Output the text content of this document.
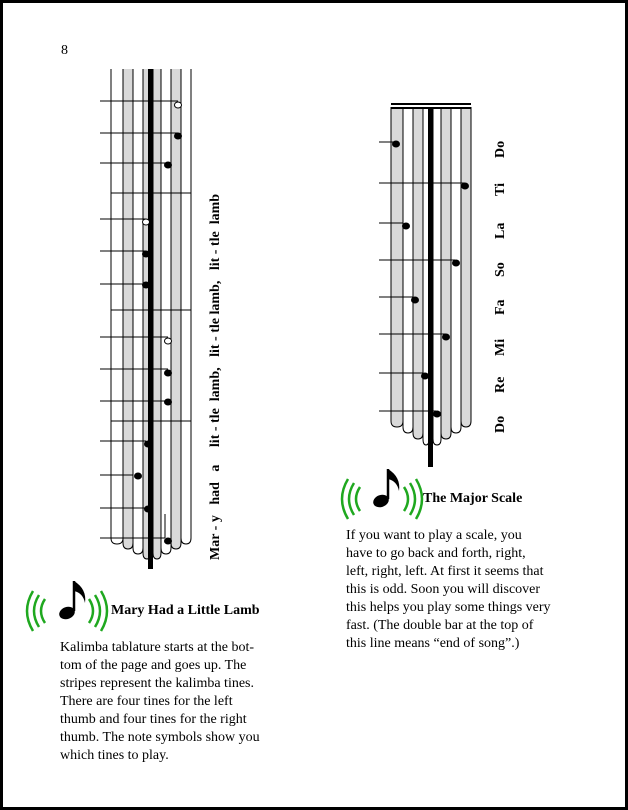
8
Mar - y   had   a     lit - tle  lamb,   lit - tle lamb,   lit - tle  lamb	Do
Re
Mi
Fa
So
La
Ti
Do
Mary Had a Little Lamb
The Major Scale
Kalimba tablature starts at the bot-
tom of the page and goes up. The
stripes represent the kalimba tines.
There are four tines for the left
thumb and four tines for the right
thumb. The note symbols show you
which tines to play.
If you want to play a scale, you
have to go back and forth, right,
left, right, left. At first it seems that
this is odd. Soon you will discover
this helps you play some things very
fast. (The double bar at the top of
this line means “end of song”.)
